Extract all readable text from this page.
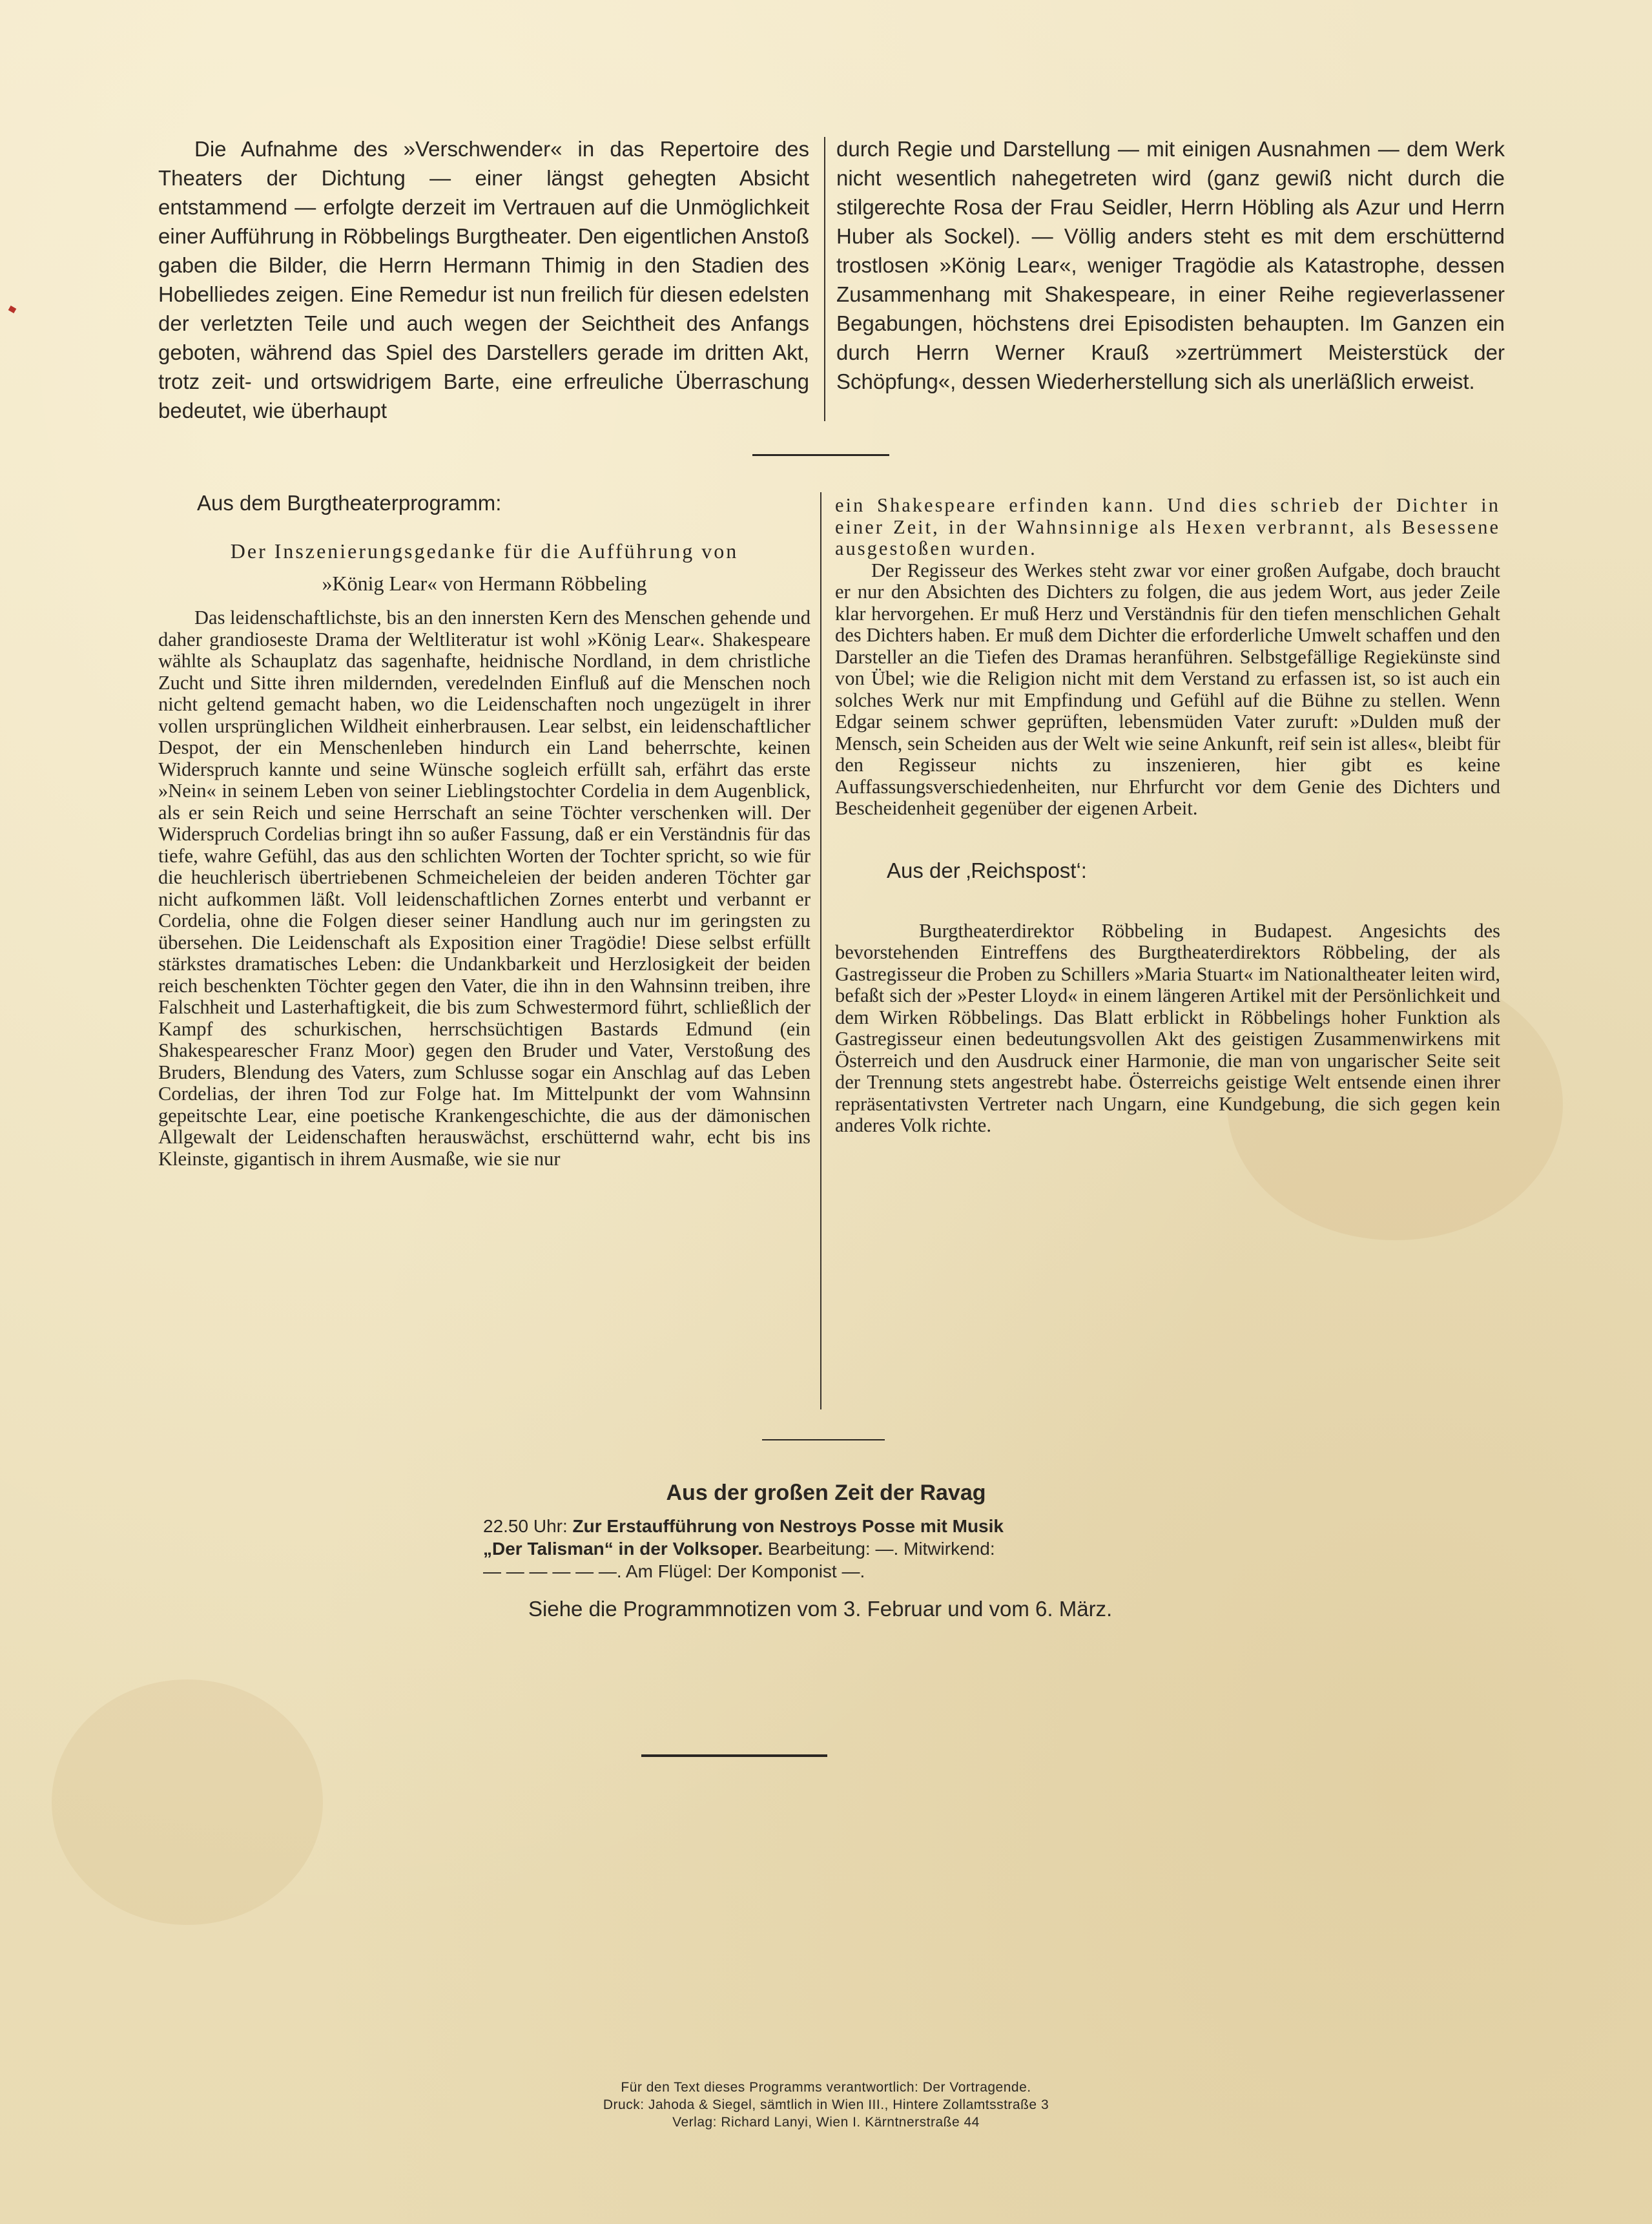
Die Aufnahme des »Verschwender« in das Repertoire des Theaters der Dichtung — einer längst gehegten Absicht entstammend — erfolgte derzeit im Vertrauen auf die Unmöglichkeit einer Aufführung in Röbbelings Burgtheater. Den eigentlichen Anstoß gaben die Bilder, die Herrn Hermann Thimig in den Stadien des Hobelliedes zeigen. Eine Remedur ist nun freilich für diesen edelsten der verletzten Teile und auch wegen der Seichtheit des Anfangs geboten, während das Spiel des Darstellers gerade im dritten Akt, trotz zeit- und ortswidrigem Barte, eine erfreuliche Überraschung bedeutet, wie überhaupt

durch Regie und Darstellung — mit einigen Ausnahmen — dem Werk nicht wesentlich nahegetreten wird (ganz gewiß nicht durch die stilgerechte Rosa der Frau Seidler, Herrn Höbling als Azur und Herrn Huber als Sockel). — Völlig anders steht es mit dem erschütternd trostlosen »König Lear«, weniger Tragödie als Katastrophe, dessen Zusammenhang mit Shakespeare, in einer Reihe regieverlassener Begabungen, höchstens drei Episodisten behaupten. Im Ganzen ein durch Herrn Werner Krauß »zertrümmert Meisterstück der Schöpfung«, dessen Wiederherstellung sich als unerläßlich erweist.

Aus dem Burgtheaterprogramm:

Der Inszenierungsgedanke für die Aufführung von

»König Lear« von Hermann Röbbeling

Das leidenschaftlichste, bis an den innersten Kern des Menschen gehende und daher grandioseste Drama der Weltliteratur ist wohl »König Lear«. Shakespeare wählte als Schauplatz das sagenhafte, heidnische Nordland, in dem christliche Zucht und Sitte ihren mildernden, veredelnden Einfluß auf die Menschen noch nicht geltend gemacht haben, wo die Leidenschaften noch ungezügelt in ihrer vollen ursprünglichen Wildheit einherbrausen. Lear selbst, ein leidenschaftlicher Despot, der ein Menschenleben hindurch ein Land beherrschte, keinen Widerspruch kannte und seine Wünsche sogleich erfüllt sah, erfährt das erste »Nein« in seinem Leben von seiner Lieblingstochter Cordelia in dem Augenblick, als er sein Reich und seine Herrschaft an seine Töchter verschenken will. Der Widerspruch Cordelias bringt ihn so außer Fassung, daß er ein Verständnis für das tiefe, wahre Gefühl, das aus den schlichten Worten der Tochter spricht, so wie für die heuchlerisch übertriebenen Schmeicheleien der beiden anderen Töchter gar nicht aufkommen läßt. Voll leidenschaftlichen Zornes enterbt und verbannt er Cordelia, ohne die Folgen dieser seiner Handlung auch nur im geringsten zu übersehen. Die Leidenschaft als Exposition einer Tragödie! Diese selbst erfüllt stärkstes dramatisches Leben: die Undankbarkeit und Herzlosigkeit der beiden reich beschenkten Töchter gegen den Vater, die ihn in den Wahnsinn treiben, ihre Falschheit und Lasterhaftigkeit, die bis zum Schwestermord führt, schließlich der Kampf des schurkischen, herrschsüchtigen Bastards Edmund (ein Shakespearescher Franz Moor) gegen den Bruder und Vater, Verstoßung des Bruders, Blendung des Vaters, zum Schlusse sogar ein Anschlag auf das Leben Cordelias, der ihren Tod zur Folge hat. Im Mittelpunkt der vom Wahnsinn gepeitschte Lear, eine poetische Krankengeschichte, die aus der dämonischen Allgewalt der Leidenschaften herauswächst, erschütternd wahr, echt bis ins Kleinste, gigantisch in ihrem Ausmaße, wie sie nur

ein Shakespeare erfinden kann. Und dies schrieb der Dichter in einer Zeit, in der Wahnsinnige als Hexen verbrannt, als Besessene ausgestoßen wurden.

Der Regisseur des Werkes steht zwar vor einer großen Aufgabe, doch braucht er nur den Absichten des Dichters zu folgen, die aus jedem Wort, aus jeder Zeile klar hervorgehen. Er muß Herz und Verständnis für den tiefen menschlichen Gehalt des Dichters haben. Er muß dem Dichter die erforderliche Umwelt schaffen und den Darsteller an die Tiefen des Dramas heranführen. Selbstgefällige Regiekünste sind von Übel; wie die Religion nicht mit dem Verstand zu erfassen ist, so ist auch ein solches Werk nur mit Empfindung und Gefühl auf die Bühne zu stellen. Wenn Edgar seinem schwer geprüften, lebensmüden Vater zuruft: »Dulden muß der Mensch, sein Scheiden aus der Welt wie seine Ankunft, reif sein ist alles«, bleibt für den Regisseur nichts zu inszenieren, hier gibt es keine Auffassungsverschiedenheiten, nur Ehrfurcht vor dem Genie des Dichters und Bescheidenheit gegenüber der eigenen Arbeit.

Aus der ‚Reichspost‘:

Burgtheaterdirektor Röbbeling in Budapest. Angesichts des bevorstehenden Eintreffens des Burgtheaterdirektors Röbbeling, der als Gastregisseur die Proben zu Schillers »Maria Stuart« im Nationaltheater leiten wird, befaßt sich der »Pester Lloyd« in einem längeren Artikel mit der Persönlichkeit und dem Wirken Röbbelings. Das Blatt erblickt in Röbbelings hoher Funktion als Gastregisseur einen bedeutungsvollen Akt des geistigen Zusammenwirkens mit Österreich und den Ausdruck einer Harmonie, die man von ungarischer Seite seit der Trennung stets angestrebt habe. Österreichs geistige Welt entsende einen ihrer repräsentativsten Vertreter nach Ungarn, eine Kundgebung, die sich gegen kein anderes Volk richte.

Aus der großen Zeit der Ravag
22.50 Uhr: Zur Erstaufführung von Nestroys Posse mit Musik
„Der Talisman“ in der Volksoper. Bearbeitung: —. Mitwirkend:
— — — — — —. Am Flügel: Der Komponist —.
Siehe die Programmnotizen vom 3. Februar und vom 6. März.
Für den Text dieses Programms verantwortlich: Der Vortragende.
Druck: Jahoda & Siegel, sämtlich in Wien III., Hintere Zollamtsstraße 3
Verlag: Richard Lanyi, Wien I. Kärntnerstraße 44
